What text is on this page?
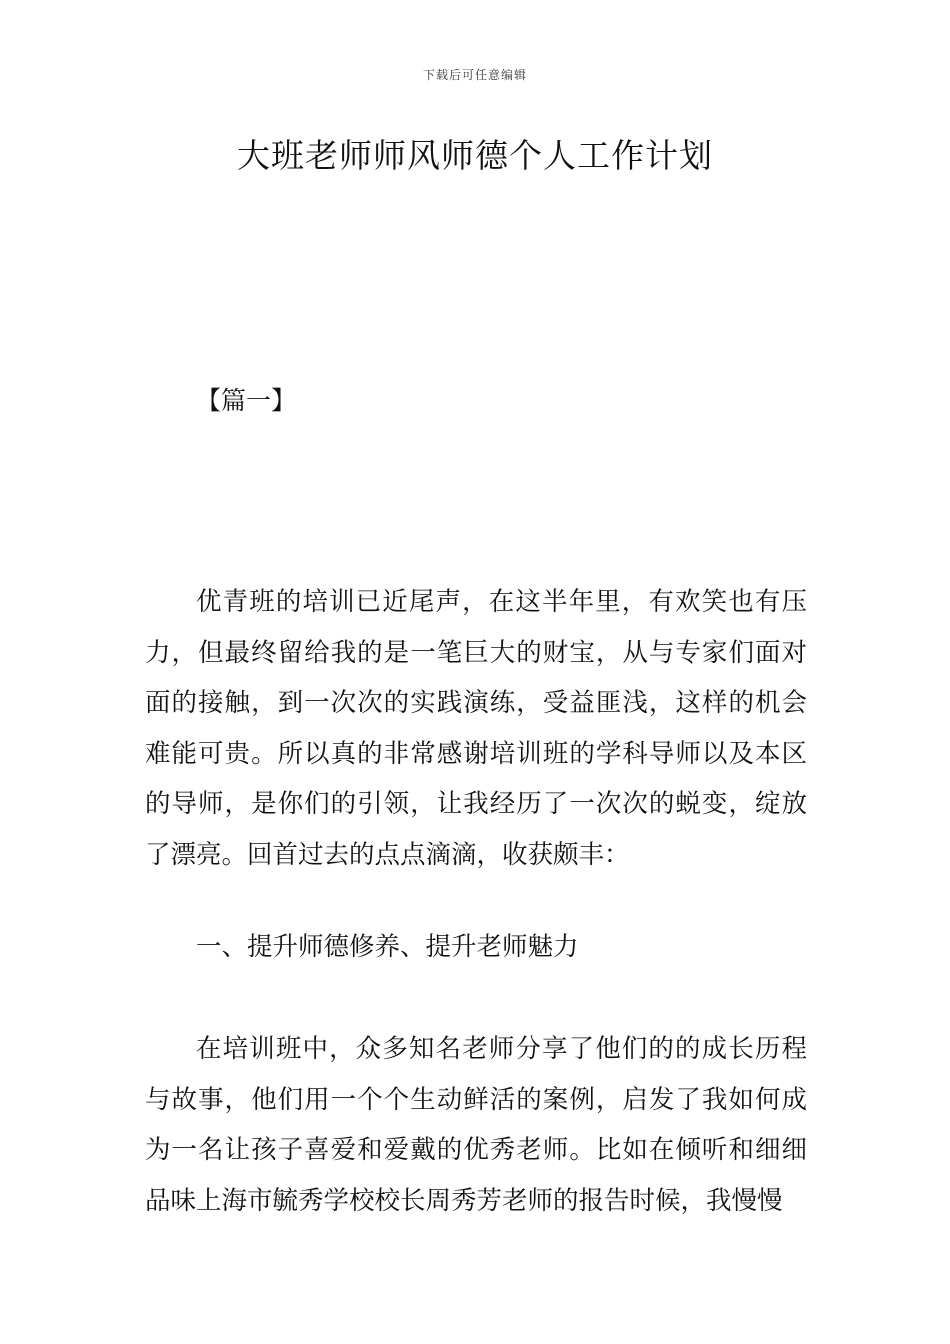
下载后可任意编辑
大班老师师风师德个人工作计划
【篇一】

优青班的培训已近尾声，在这半年里，有欢笑也有压力，但最终留给我的是一笔巨大的财宝，从与专家们面对面的接触，到一次次的实践演练，受益匪浅，这样的机会难能可贵。所以真的非常感谢培训班的学科导师以及本区的导师，是你们的引领，让我经历了一次次的蜕变，绽放了漂亮。回首过去的点点滴滴，收获颇丰：

一、提升师德修养、提升老师魅力

在培训班中，众多知名老师分享了他们的的成长历程与故事，他们用一个个生动鲜活的案例，启发了我如何成为一名让孩子喜爱和爱戴的优秀老师。比如在倾听和细细品味上海市毓秀学校校长周秀芳老师的报告时候，我慢慢
